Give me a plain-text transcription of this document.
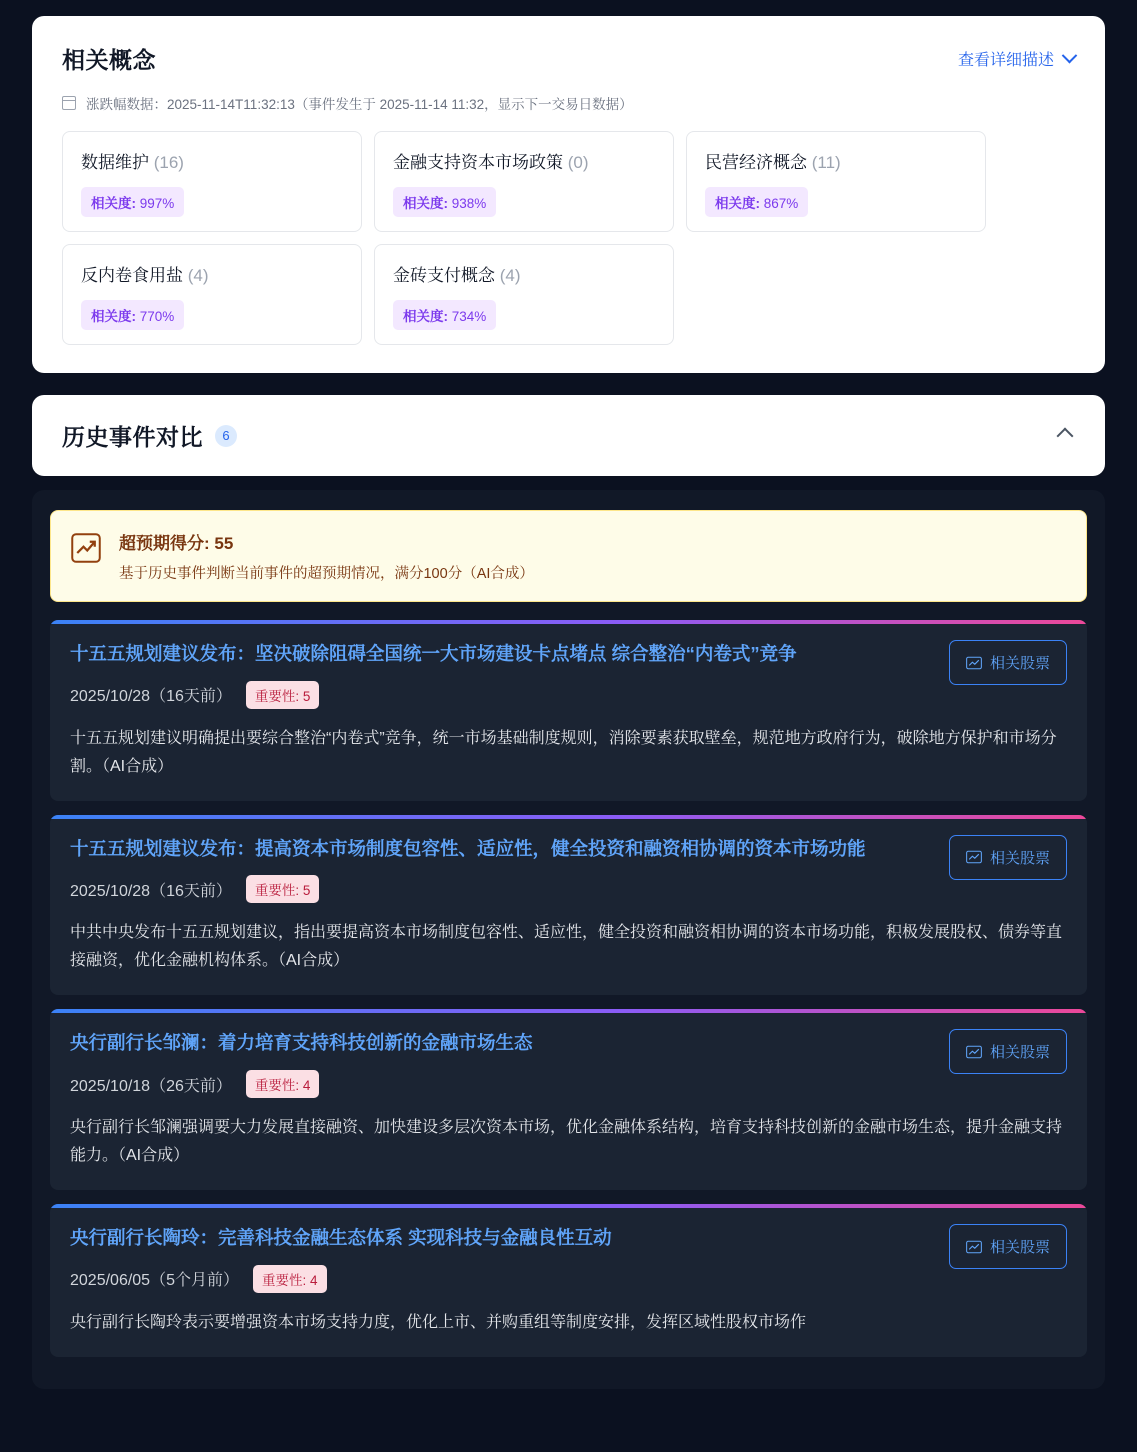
相关概念	查看详细描述
涨跌幅数据：2025-11-14T11:32:13（事件发生于 2025-11-14 11:32，显示下一交易日数据）
数据维护 (16)
相关度: 997%
金融支持资本市场政策 (0)
相关度: 938%
民营经济概念 (11)
相关度: 867%
反内卷食用盐 (4)
相关度: 770%
金砖支付概念 (4)
相关度: 734%
历史事件对比	6
超预期得分: 55
基于历史事件判断当前事件的超预期情况，满分100分（AI合成）
十五五规划建议发布：坚决破除阻碍全国统一大市场建设卡点堵点 综合整治“内卷式”竞争
2025/10/28（16天前）	重要性: 5
十五五规划建议明确提出要综合整治“内卷式”竞争，统一市场基础制度规则，消除要素获取壁垒，规范地方政府行为，破除地方保护和市场分割。（AI合成）
相关股票
十五五规划建议发布：提高资本市场制度包容性、适应性，健全投资和融资相协调的资本市场功能
2025/10/28（16天前）	重要性: 5
中共中央发布十五五规划建议，指出要提高资本市场制度包容性、适应性，健全投资和融资相协调的资本市场功能，积极发展股权、债券等直接融资，优化金融机构体系。（AI合成）
相关股票
央行副行长邹澜：着力培育支持科技创新的金融市场生态
2025/10/18（26天前）	重要性: 4
央行副行长邹澜强调要大力发展直接融资、加快建设多层次资本市场，优化金融体系结构，培育支持科技创新的金融市场生态，提升金融支持能力。（AI合成）
相关股票
央行副行长陶玲：完善科技金融生态体系 实现科技与金融良性互动
2025/06/05（5个月前）	重要性: 4
央行副行长陶玲表示要增强资本市场支持力度，优化上市、并购重组等制度安排，发挥区域性股权市场作
相关股票
